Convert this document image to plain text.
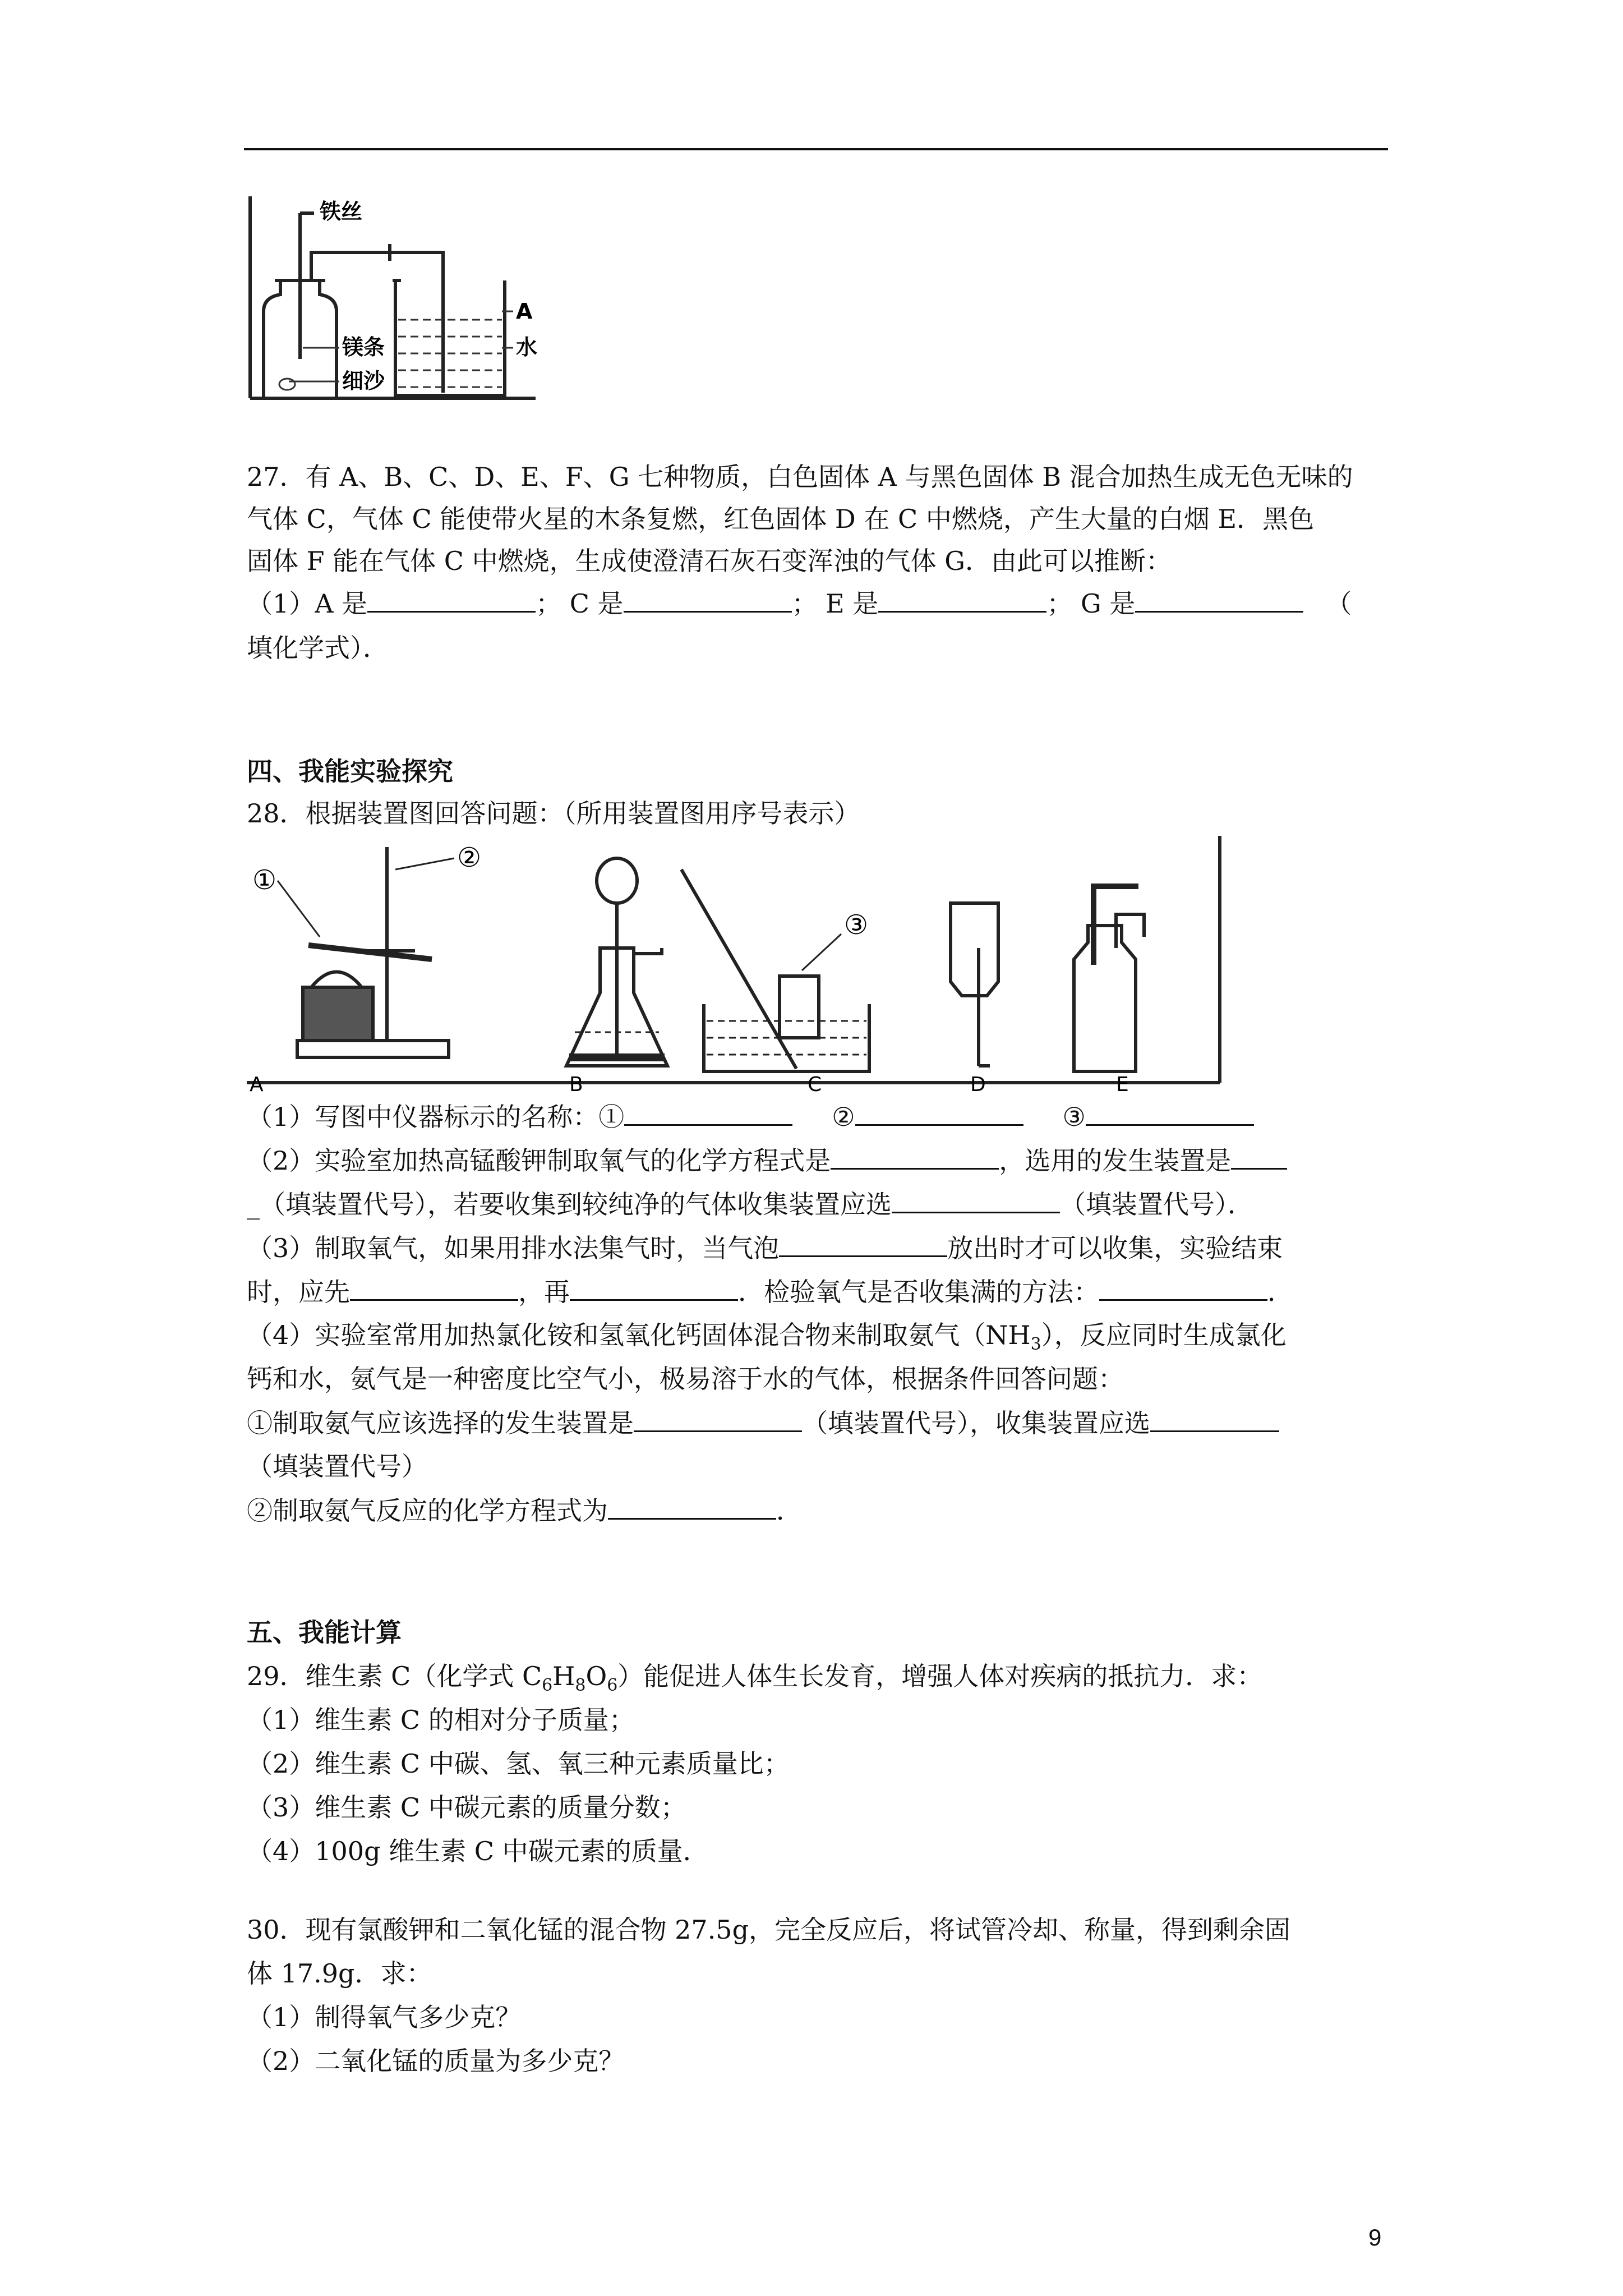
铁丝
镁条
细沙
A
水
27．有 A、B、C、D、E、F、G 七种物质，白色固体 A 与黑色固体 B 混合加热生成无色无味的
气体 C，气体 C 能使带火星的木条复燃，红色固体 D 在 C 中燃烧，产生大量的白烟 E．黑色
固体 F 能在气体 C 中燃烧，生成使澄清石灰石变浑浊的气体 G．由此可以推断：
（1）A 是	； C 是	； E 是	； G 是	（
填化学式）．
四、我能实验探究
28．根据装置图回答问题：（所用装置图用序号表示）
①
②
③
A	B	C	D	E
（1）写图中仪器标示的名称：①	②	③
（2）实验室加热高锰酸钾制取氧气的化学方程式是	，选用的发生装置是
_（填装置代号），若要收集到较纯净的气体收集装置应选	（填装置代号）．
（3）制取氧气，如果用排水法集气时，当气泡	放出时才可以收集，实验结束
时，应先	，再	．检验氧气是否收集满的方法：	．
（4）实验室常用加热氯化铵和氢氧化钙固体混合物来制取氨气$(NH_3)$，反应同时生成氯化
钙和水，氨气是一种密度比空气小，极易溶于水的气体，根据条件回答问题：
①制取氨气应该选择的发生装置是	（填装置代号），收集装置应选
（填装置代号）
②制取氨气反应的化学方程式为	．
五、我能计算
29．维生素 C（化学式 $C_6H_8O_6$）能促进人体生长发育，增强人体对疾病的抵抗力．求：
（1）维生素 C 的相对分子质量；
（2）维生素 C 中碳、氢、氧三种元素质量比；
（3）维生素 C 中碳元素的质量分数；
（4）100g 维生素 C 中碳元素的质量．
30．现有氯酸钾和二氧化锰的混合物 27.5g，完全反应后，将试管冷却、称量，得到剩余固
体 17.9g．求：
（1）制得氧气多少克？
（2）二氧化锰的质量为多少克？
9
